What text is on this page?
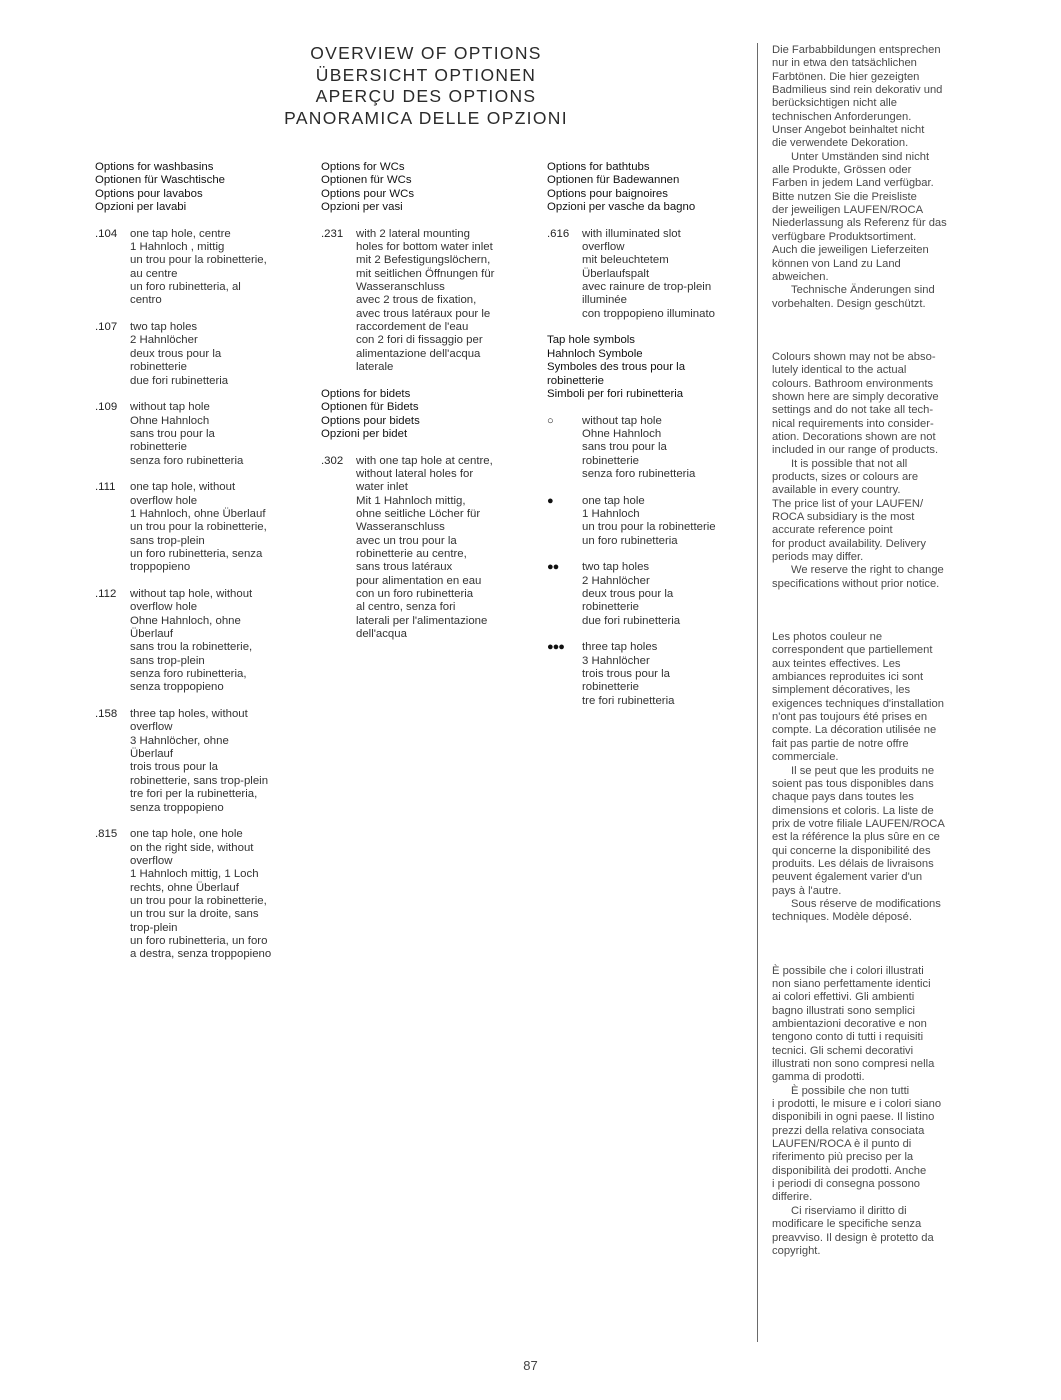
OVERVIEW OF OPTIONS
ÜBERSICHT OPTIONEN
APERÇU DES OPTIONS
PANORAMICA DELLE OPZIONI
Options for washbasins
Optionen für Waschtische
Options pour lavabos
Opzioni per lavabi
.104 one tap hole, centre
1 Hahnloch , mittig
un trou pour la robinetterie,
au centre
un foro rubinetteria, al
centro
.107 two tap holes
2 Hahnlöcher
deux trous pour la
robinetterie
due fori rubinetteria
.109 without tap hole
Ohne Hahnloch
sans trou pour la
robinetterie
senza foro rubinetteria
.111 one tap hole, without
overflow hole
1 Hahnloch, ohne Überlauf
un trou pour la robinetterie,
sans trop-plein
un foro rubinetteria, senza
troppopieno
.112 without tap hole, without
overflow hole
Ohne Hahnloch, ohne
Überlauf
sans trou la robinetterie,
sans trop-plein
senza foro rubinetteria,
senza troppopieno
.158 three tap holes, without
overflow
3 Hahnlöcher, ohne
Überlauf
trois trous pour la
robinetterie, sans trop-plein
tre fori per la rubinetteria,
senza troppopieno
.815 one tap hole, one hole
on the right side, without
overflow
1 Hahnloch mittig, 1 Loch
rechts, ohne Überlauf
un trou pour la robinetterie,
un trou sur la droite, sans
trop-plein
un foro rubinetteria, un foro
a destra, senza troppopieno
Options for WCs
Optionen für WCs
Options pour WCs
Opzioni per vasi
.231 with 2 lateral mounting
holes for bottom water inlet
mit 2 Befestigungslöchern,
mit seitlichen Öffnungen für
Wasseranschluss
avec 2 trous de fixation,
avec trous latéraux pour le
raccordement de l'eau
con 2 fori di fissaggio per
alimentazione dell'acqua
laterale
Options for bidets
Optionen für Bidets
Options pour bidets
Opzioni per bidet
.302 with one tap hole at centre,
without lateral holes for
water inlet
Mit 1 Hahnloch mittig,
ohne seitliche Löcher für
Wasseranschluss
avec un trou pour la
robinetterie au centre,
sans trous latéraux
pour alimentation en eau
con un foro rubinetteria
al centro, senza fori
laterali per l'alimentazione
dell'acqua
Options for bathtubs
Optionen für Badewannen
Options pour baignoires
Opzioni per vasche da bagno
.616 with illuminated slot
overflow
mit beleuchtetem
Überlaufspalt
avec rainure de trop-plein
illuminée
con troppopieno illuminato
Tap hole symbols
Hahnloch Symbole
Symboles des trous pour la
robinetterie
Simboli per fori rubinetteria
○	without tap hole
Ohne Hahnloch
sans trou pour la
robinetterie
senza foro rubinetteria
●	one tap hole
1 Hahnloch
un trou pour la robinetterie
un foro rubinetteria
●● two tap holes
2 Hahnlöcher
deux trous pour la
robinetterie
due fori rubinetteria
●●● three tap holes
3 Hahnlöcher
trois trous pour la
robinetterie
tre fori rubinetteria
Die Farbabbildungen entsprechen
nur in etwa den tatsächlichen
Farbtönen. Die hier gezeigten
Badmilieus sind rein dekorativ und
berücksichtigen nicht alle
technischen Anforderungen.
Unser Angebot beinhaltet nicht
die verwendete Dekoration.
Unter Umständen sind nicht
alle Produkte, Grössen oder
Farben in jedem Land verfügbar.
Bitte nutzen Sie die Preisliste
der jeweiligen LAUFEN/ROCA
Niederlassung als Referenz für das
verfügbare Produktsortiment.
Auch die jeweiligen Lieferzeiten
können von Land zu Land
abweichen.
Technische Änderungen sind
vorbehalten. Design geschützt.
Colours shown may not be abso-
lutely identical to the actual
colours. Bathroom environments
shown here are simply decorative
settings and do not take all tech-
nical requirements into consider-
ation. Decorations shown are not
included in our range of products.
It is possible that not all
products, sizes or colours are
available in every country.
The price list of your LAUFEN/
ROCA subsidiary is the most
accurate reference point
for product availability. Delivery
periods may differ.
We reserve the right to change
specifications without prior notice.
Les photos couleur ne
correspondent que partiellement
aux teintes effectives. Les
ambiances reproduites ici sont
simplement décoratives, les
exigences techniques d'installation
n'ont pas toujours été prises en
compte. La décoration utilisée ne
fait pas partie de notre offre
commerciale.
Il se peut que les produits ne
soient pas tous disponibles dans
chaque pays dans toutes les
dimensions et coloris. La liste de
prix de votre filiale LAUFEN/ROCA
est la référence la plus sûre en ce
qui concerne la disponibilité des
produits. Les délais de livraisons
peuvent également varier d'un
pays à l'autre.
Sous réserve de modifications
techniques. Modèle déposé.
È possibile che i colori illustrati
non siano perfettamente identici
ai colori effettivi. Gli ambienti
bagno illustrati sono semplici
ambientazioni decorative e non
tengono conto di tutti i requisiti
tecnici. Gli schemi decorativi
illustrati non sono compresi nella
gamma di prodotti.
È possibile che non tutti
i prodotti, le misure e i colori siano
disponibili in ogni paese. Il listino
prezzi della relativa consociata
LAUFEN/ROCA è il punto di
riferimento più preciso per la
disponibilità dei prodotti. Anche
i periodi di consegna possono
differire.
Ci riserviamo il diritto di
modificare le specifiche senza
preavviso. Il design è protetto da
copyright.
87
